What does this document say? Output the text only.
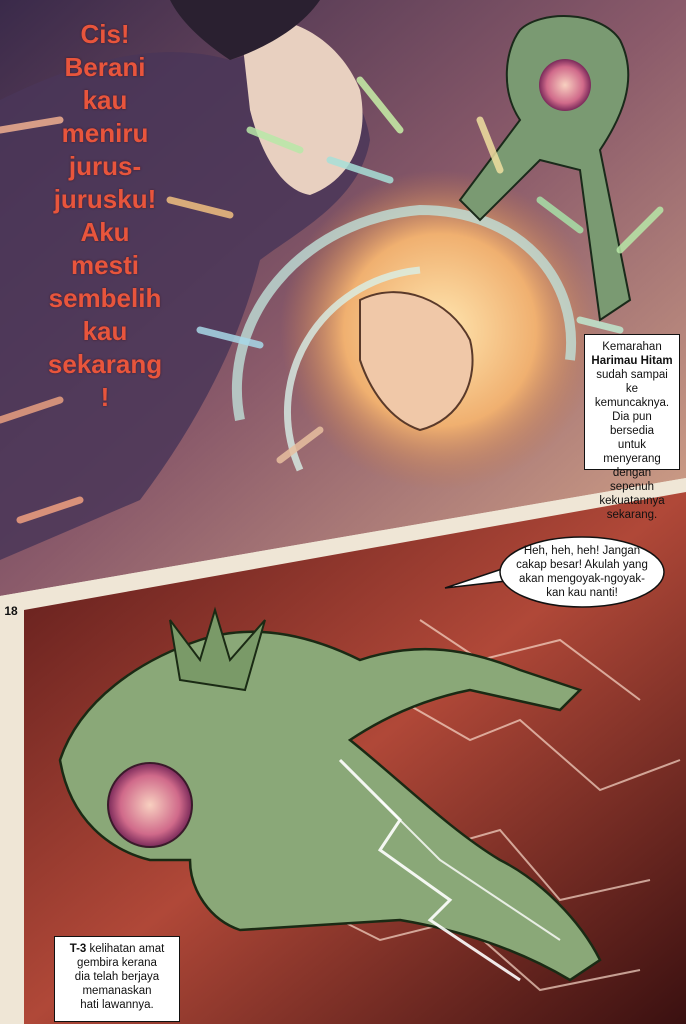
Cis!
Berani
kau
meniru
jurus-
jurusku!
Aku
mesti
sembelih
kau
sekarang
!
Kemarahan
Harimau Hitam
sudah sampai ke
kemuncaknya.
Dia pun bersedia
untuk menyerang
dengan sepenuh
kekuatannya
sekarang.
18
Heh, heh, heh! Jangan
cakap besar! Akulah yang
akan mengoyak-ngoyak-
kan kau nanti!
T-3 kelihatan amat
gembira kerana
dia telah berjaya
memanaskan
hati lawannya.
